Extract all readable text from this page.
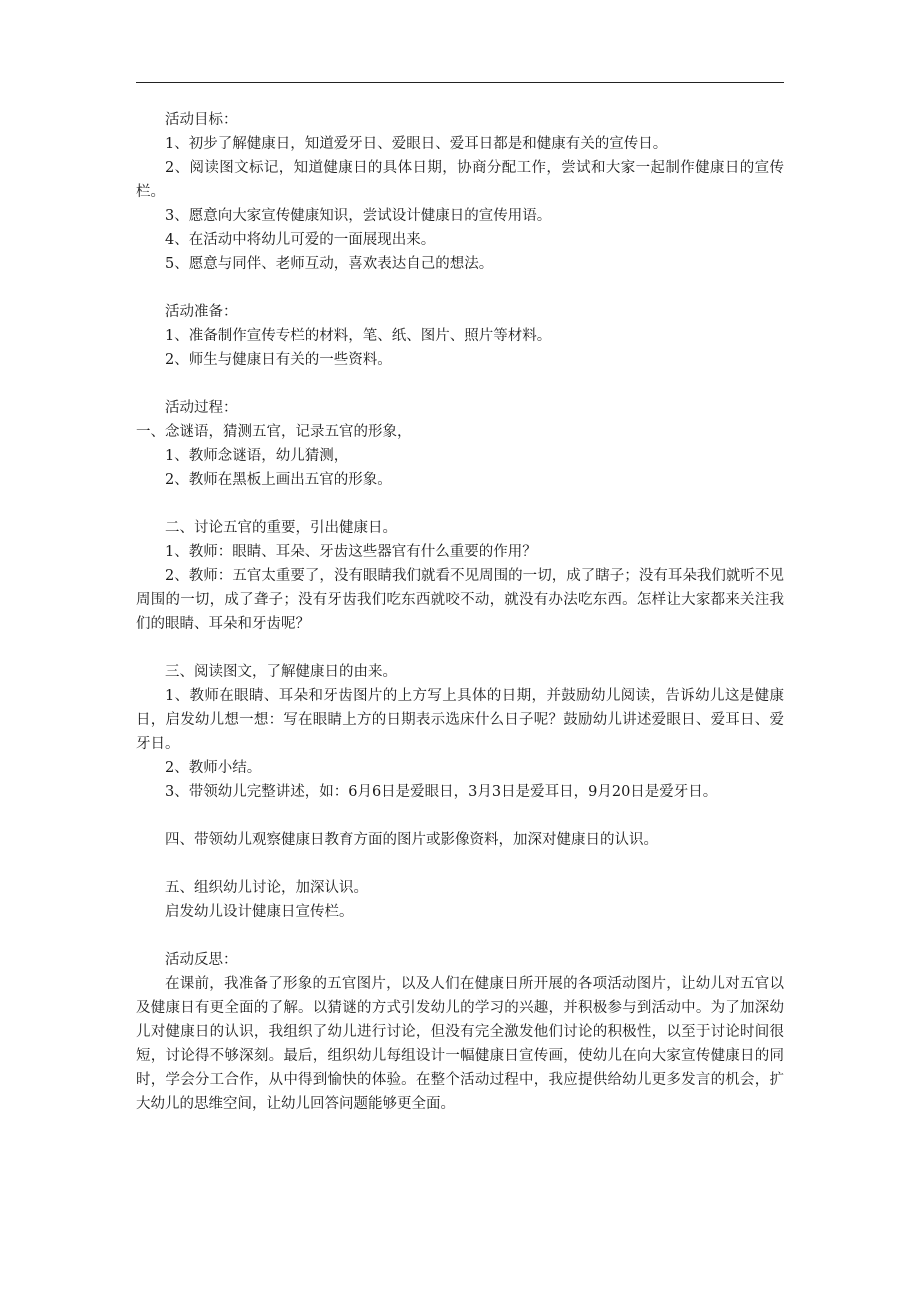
活动目标：

1、初步了解健康日，知道爱牙日、爱眼日、爱耳日都是和健康有关的宣传日。

2、阅读图文标记，知道健康日的具体日期，协商分配工作，尝试和大家一起制作健康日的宣传栏。

3、愿意向大家宣传健康知识，尝试设计健康日的宣传用语。

4、在活动中将幼儿可爱的一面展现出来。

5、愿意与同伴、老师互动，喜欢表达自己的想法。

活动准备：

1、准备制作宣传专栏的材料，笔、纸、图片、照片等材料。

2、师生与健康日有关的一些资料。

活动过程：

一、念谜语，猜测五官，记录五官的形象，

1、教师念谜语，幼儿猜测，

2、教师在黑板上画出五官的形象。

二、讨论五官的重要，引出健康日。

1、教师：眼睛、耳朵、牙齿这些器官有什么重要的作用？

2、教师：五官太重要了，没有眼睛我们就看不见周围的一切，成了瞎子；没有耳朵我们就听不见周围的一切，成了聋子；没有牙齿我们吃东西就咬不动，就没有办法吃东西。怎样让大家都来关注我们的眼睛、耳朵和牙齿呢？

三、阅读图文，了解健康日的由来。

1、教师在眼睛、耳朵和牙齿图片的上方写上具体的日期，并鼓励幼儿阅读，告诉幼儿这是健康日，启发幼儿想一想：写在眼睛上方的日期表示选床什么日子呢？鼓励幼儿讲述爱眼日、爱耳日、爱牙日。

2、教师小结。

3、带领幼儿完整讲述，如：6月6日是爱眼日，3月3日是爱耳日，9月20日是爱牙日。

四、带领幼儿观察健康日教育方面的图片或影像资料，加深对健康日的认识。

五、组织幼儿讨论，加深认识。

启发幼儿设计健康日宣传栏。

活动反思：

在课前，我准备了形象的五官图片，以及人们在健康日所开展的各项活动图片，让幼儿对五官以及健康日有更全面的了解。以猜谜的方式引发幼儿的学习的兴趣，并积极参与到活动中。为了加深幼儿对健康日的认识，我组织了幼儿进行讨论，但没有完全激发他们讨论的积极性，以至于讨论时间很短，讨论得不够深刻。最后，组织幼儿每组设计一幅健康日宣传画，使幼儿在向大家宣传健康日的同时，学会分工合作，从中得到愉快的体验。在整个活动过程中，我应提供给幼儿更多发言的机会，扩大幼儿的思维空间，让幼儿回答问题能够更全面。
